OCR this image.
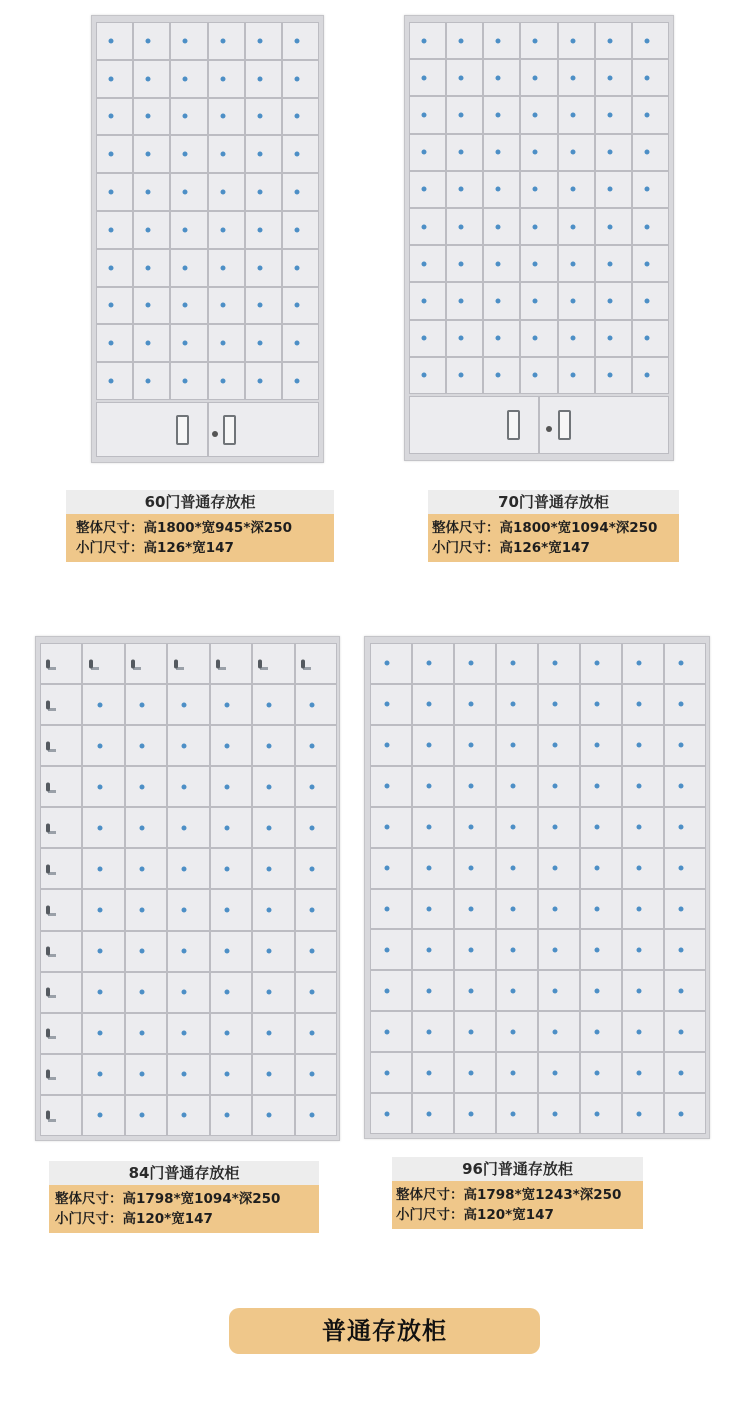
60门普通存放柜
整体尺寸：高1800*宽945*深250
小门尺寸：高126*宽147
70门普通存放柜
整体尺寸：高1800*宽1094*深250
小门尺寸：高126*宽147
84门普通存放柜
整体尺寸：高1798*宽1094*深250
小门尺寸：高120*宽147
96门普通存放柜
整体尺寸：高1798*宽1243*深250
小门尺寸：高120*宽147
普通存放柜
